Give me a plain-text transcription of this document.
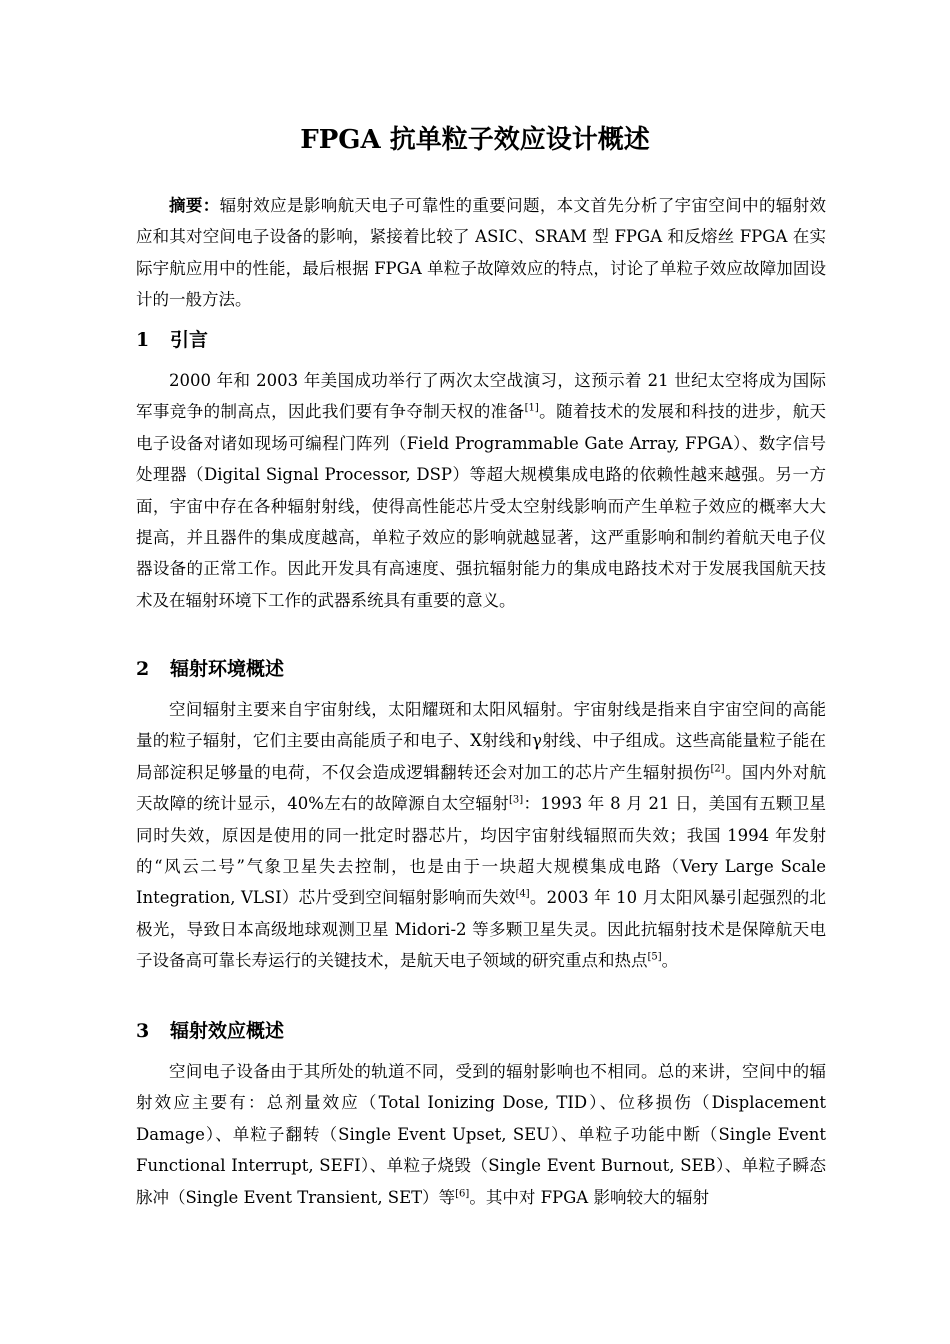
FPGA 抗单粒子效应设计概述

摘要：辐射效应是影响航天电子可靠性的重要问题，本文首先分析了宇宙空间中的辐射效应和其对空间电子设备的影响，紧接着比较了 ASIC、SRAM 型 FPGA 和反熔丝 FPGA 在实际宇航应用中的性能，最后根据 FPGA 单粒子故障效应的特点，讨论了单粒子效应故障加固设计的一般方法。

1 引言

2000 年和 2003 年美国成功举行了两次太空战演习，这预示着 21 世纪太空将成为国际军事竞争的制高点，因此我们要有争夺制天权的准备[1]。随着技术的发展和科技的进步，航天电子设备对诸如现场可编程门阵列（Field Programmable Gate Array, FPGA）、数字信号处理器（Digital Signal Processor, DSP）等超大规模集成电路的依赖性越来越强。另一方面，宇宙中存在各种辐射射线，使得高性能芯片受太空射线影响而产生单粒子效应的概率大大提高，并且器件的集成度越高，单粒子效应的影响就越显著，这严重影响和制约着航天电子仪器设备的正常工作。因此开发具有高速度、强抗辐射能力的集成电路技术对于发展我国航天技术及在辐射环境下工作的武器系统具有重要的意义。

2 辐射环境概述

空间辐射主要来自宇宙射线，太阳耀斑和太阳风辐射。宇宙射线是指来自宇宙空间的高能量的粒子辐射，它们主要由高能质子和电子、X射线和γ射线、中子组成。这些高能量粒子能在局部淀积足够量的电荷，不仅会造成逻辑翻转还会对加工的芯片产生辐射损伤[2]。国内外对航天故障的统计显示，40%左右的故障源自太空辐射[3]：1993 年 8 月 21 日，美国有五颗卫星同时失效，原因是使用的同一批定时器芯片，均因宇宙射线辐照而失效；我国 1994 年发射的“风云二号”气象卫星失去控制，也是由于一块超大规模集成电路（Very Large Scale Integration, VLSI）芯片受到空间辐射影响而失效[4]。2003 年 10 月太阳风暴引起强烈的北极光，导致日本高级地球观测卫星 Midori-2 等多颗卫星失灵。因此抗辐射技术是保障航天电子设备高可靠长寿运行的关键技术，是航天电子领域的研究重点和热点[5]。

3 辐射效应概述

空间电子设备由于其所处的轨道不同，受到的辐射影响也不相同。总的来讲，空间中的辐射效应主要有：总剂量效应（Total Ionizing Dose, TID）、位移损伤（Displacement Damage）、单粒子翻转（Single Event Upset, SEU）、单粒子功能中断（Single Event Functional Interrupt, SEFI）、单粒子烧毁（Single Event Burnout, SEB）、单粒子瞬态脉冲（Single Event Transient, SET）等[6]。其中对 FPGA 影响较大的辐射
